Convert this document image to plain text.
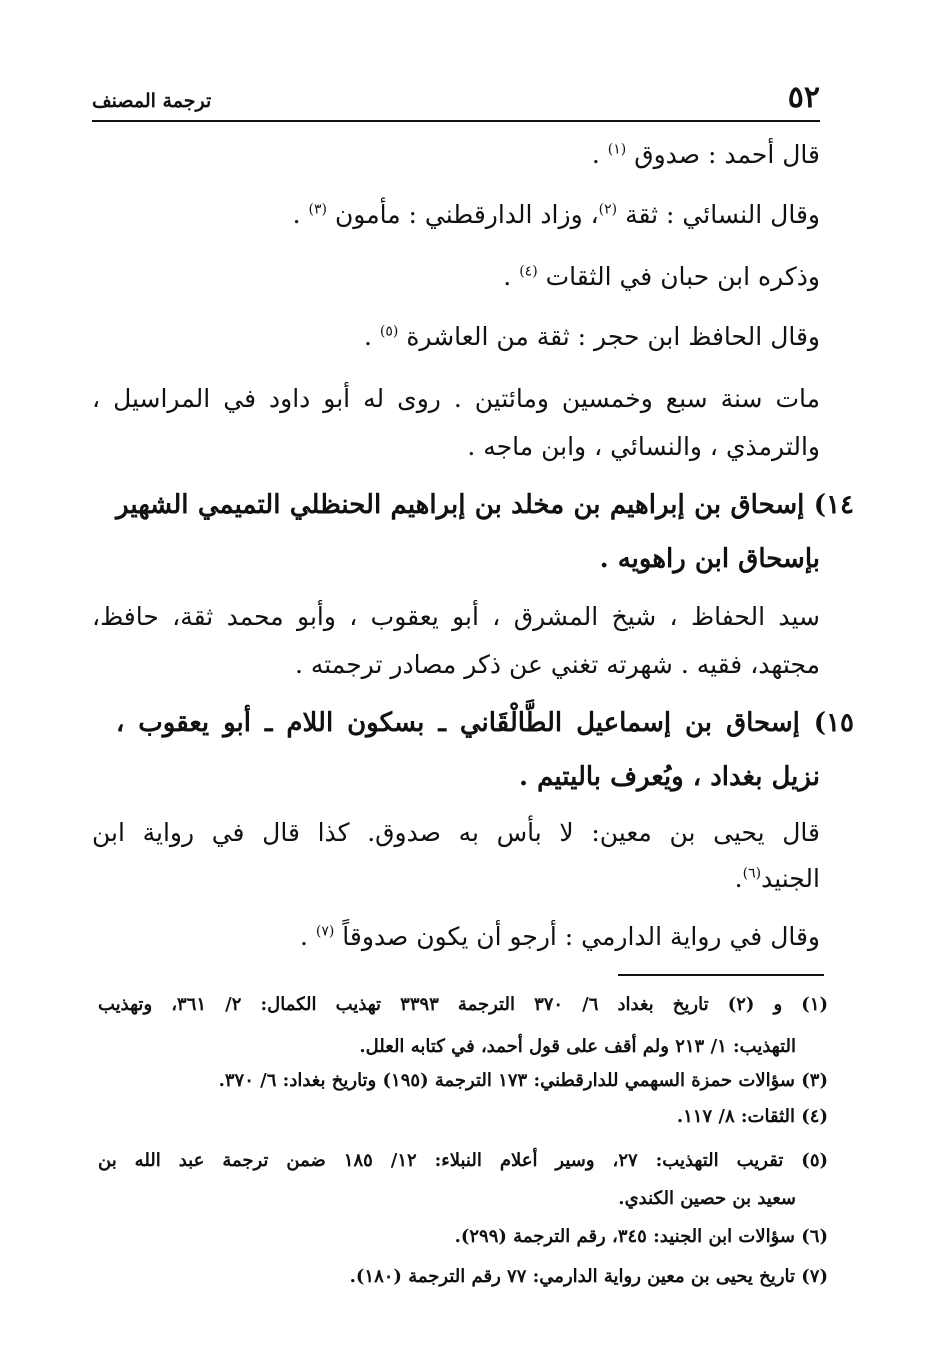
٥٢
ترجمة المصنف
قال أحمد : صدوق $^{(١)}$ .
وقال النسائي : ثقة $^{(٢)}$، وزاد الدارقطني : مأمون $^{(٣)}$ .
وذكره ابن حبان في الثقات $^{(٤)}$ .
وقال الحافظ ابن حجر : ثقة من العاشرة $^{(٥)}$ .
مات سنة سبع وخمسين ومائتين . روى له أبو داود في المراسيل ،
والترمذي ، والنسائي ، وابن ماجه .
١٤) إسحاق بن إبراهيم بن مخلد بن إبراهيم الحنظلي التميمي الشهير
بإسحاق ابن راهويه .
سيد الحفاظ ، شيخ المشرق ، أبو يعقوب ، وأبو محمد ثقة، حافظ،
مجتهد، فقيه . شهرته تغني عن ذكر مصادر ترجمته .
١٥) إسحاق بن إسماعيل الطَّالْقَاني ـ بسكون اللام ـ أبو يعقوب ،
نزيل بغداد ، ويُعرف باليتيم .
قال يحيى بن معين: لا بأس به صدوق. كذا قال في رواية ابن
الجنيد$^{(٦)}$.
وقال في رواية الدارمي : أرجو أن يكون صدوقاً $^{(٧)}$ .
(١) و (٢) تاريخ بغداد ٦/ ٣٧٠ الترجمة ٣٣٩٣ تهذيب الكمال: ٢/ ٣٦١، وتهذيب
التهذيب: ١/ ٢١٣ ولم أقف على قول أحمد، في كتابه العلل.
(٣) سؤالات حمزة السهمي للدارقطني: ١٧٣ الترجمة (١٩٥) وتاريخ بغداد: ٦/ ٣٧٠.
(٤) الثقات: ٨/ ١١٧.
(٥) تقريب التهذيب: ٢٧، وسير أعلام النبلاء: ١٢/ ١٨٥ ضمن ترجمة عبد الله بن
سعيد بن حصين الكندي.
(٦) سؤالات ابن الجنيد: ٣٤٥، رقم الترجمة (٢٩٩).
(٧) تاريخ يحيى بن معين رواية الدارمي: ٧٧ رقم الترجمة (١٨٠).
